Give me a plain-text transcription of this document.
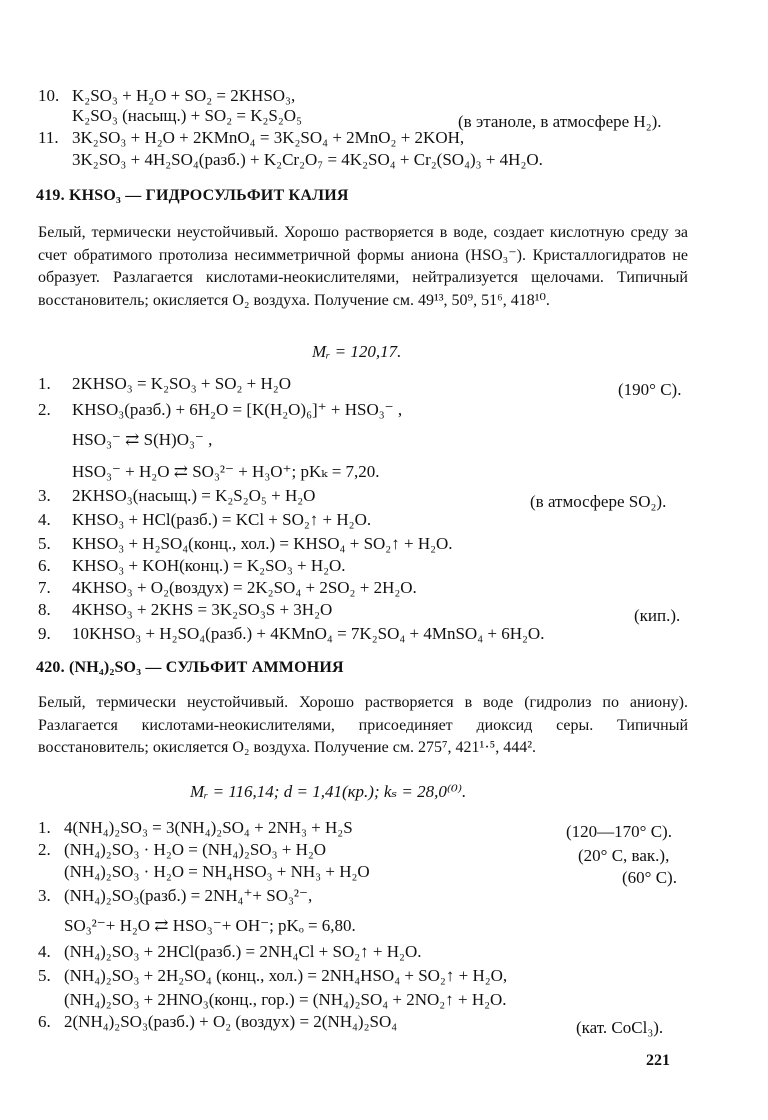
10. K₂SO₃ + H₂O + SO₂ = 2KHSO₃,
K₂SO₃ (насыщ.) + SO₂ = K₂S₂O₅	(в этаноле, в атмосфере H₂).
11. 3K₂SO₃ + H₂O + 2KMnO₄ = 3K₂SO₄ + 2MnO₂ + 2KOH,
3K₂SO₃ + 4H₂SO₄(разб.) + K₂Cr₂O₇ = 4K₂SO₄ + Cr₂(SO₄)₃ + 4H₂O.
419. KHSO₃ — ГИДРОСУЛЬФИТ КАЛИЯ
Белый, термически неустойчивый. Хорошо растворяется в воде, создает кислотную среду за счет обратимого протолиза несимметричной формы аниона (HSO₃⁻). Кристаллогидратов не образует. Разлагается кислотами-неокислителями, нейтрализуется щелочами. Типичный восстановитель; окисляется O₂ воздуха. Получение см. 49¹³, 50⁹, 51⁶, 418¹⁰.
Mᵣ = 120,17.
1. 2KHSO₃ = K₂SO₃ + SO₂ + H₂O	(190° C).
2. KHSO₃(разб.) + 6H₂O = [K(H₂O)₆]⁺ + HSO₃⁻ ,
HSO₃⁻ ⇄ S(H)O₃⁻ ,
HSO₃⁻ + H₂O ⇄ SO₃²⁻ + H₃O⁺; pKₖ = 7,20.
3. 2KHSO₃(насыщ.) = K₂S₂O₅ + H₂O	(в атмосфере SO₂).
4. KHSO₃ + HCl(разб.) = KCl + SO₂↑ + H₂O.
5. KHSO₃ + H₂SO₄(конц., хол.) = KHSO₄ + SO₂↑ + H₂O.
6. KHSO₃ + KOH(конц.) = K₂SO₃ + H₂O.
7. 4KHSO₃ + O₂(воздух) = 2K₂SO₄ + 2SO₂ + 2H₂O.
8. 4KHSO₃ + 2KHS = 3K₂SO₃S + 3H₂O	(кип.).
9. 10KHSO₃ + H₂SO₄(разб.) + 4KMnO₄ = 7K₂SO₄ + 4MnSO₄ + 6H₂O.
420. (NH₄)₂SO₃ — СУЛЬФИТ АММОНИЯ
Белый, термически неустойчивый. Хорошо растворяется в воде (гидролиз по аниону). Разлагается кислотами-неокислителями, присоединяет диоксид серы. Типичный восстановитель; окисляется O₂ воздуха. Получение см. 275⁷, 421¹·⁵, 444².
Mᵣ = 116,14; d = 1,41(кр.); kₛ = 28,0⁽⁰⁾.
1. 4(NH₄)₂SO₃ = 3(NH₄)₂SO₄ + 2NH₃ + H₂S	(120—170° C).
2. (NH₄)₂SO₃ · H₂O = (NH₄)₂SO₃ + H₂O	(20° C, вак.),
(NH₄)₂SO₃ · H₂O = NH₄HSO₃ + NH₃ + H₂O	(60° C).
3. (NH₄)₂SO₃(разб.) = 2NH₄⁺+ SO₃²⁻,
SO₃²⁻+ H₂O ⇄ HSO₃⁻+ OH⁻; pKₒ = 6,80.
4. (NH₄)₂SO₃ + 2HCl(разб.) = 2NH₄Cl + SO₂↑ + H₂O.
5. (NH₄)₂SO₃ + 2H₂SO₄ (конц., хол.) = 2NH₄HSO₄ + SO₂↑ + H₂O,
(NH₄)₂SO₃ + 2HNO₃(конц., гор.) = (NH₄)₂SO₄ + 2NO₂↑ + H₂O.
6. 2(NH₄)₂SO₃(разб.) + O₂ (воздух) = 2(NH₄)₂SO₄	(кат. CoCl₃).
221
